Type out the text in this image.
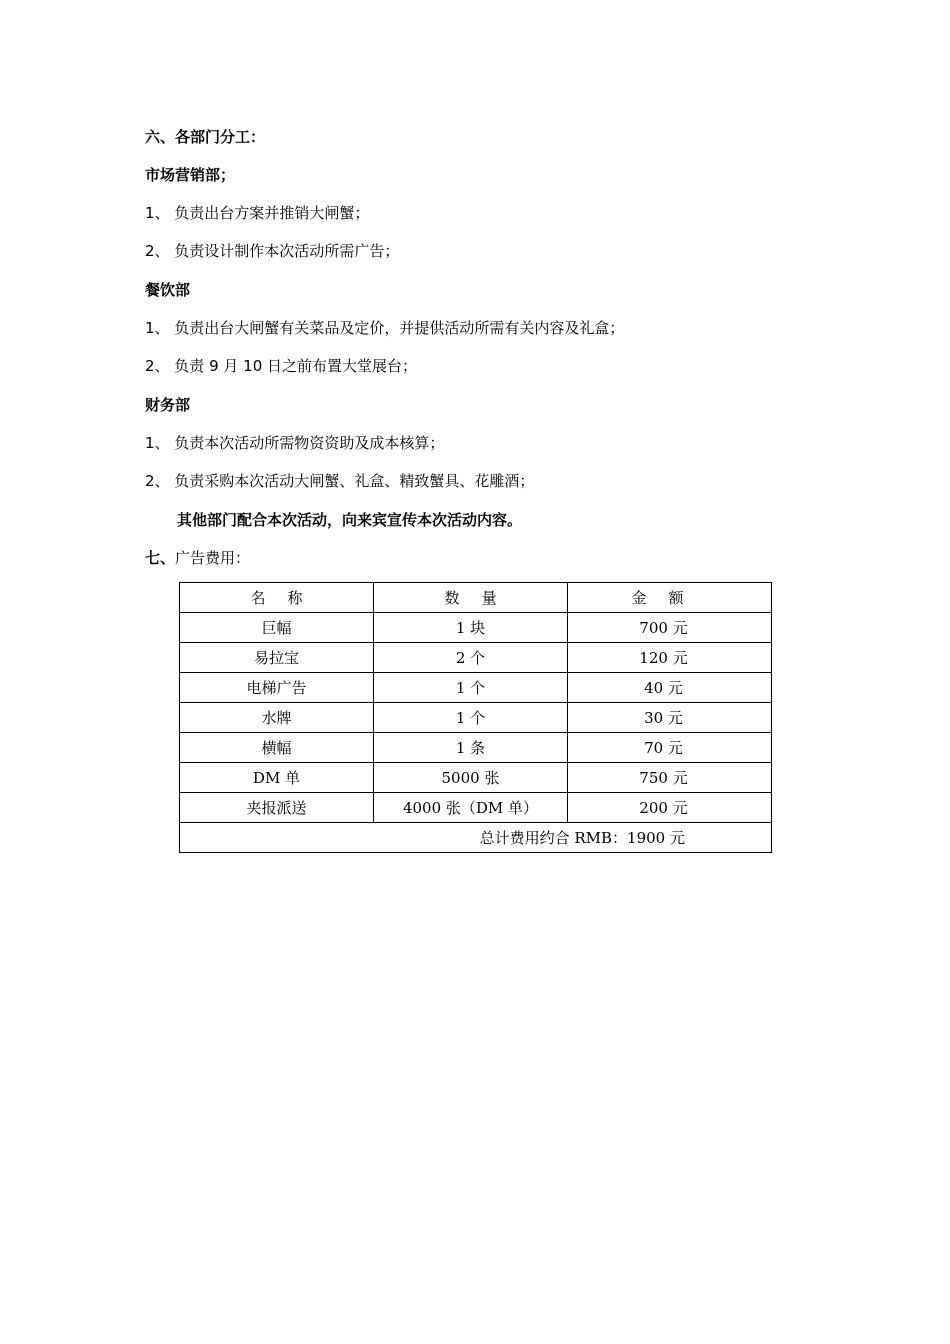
六、各部门分工：
市场营销部；
1、 负责出台方案并推销大闸蟹；
2、 负责设计制作本次活动所需广告；
餐饮部
1、 负责出台大闸蟹有关菜品及定价，并提供活动所需有关内容及礼盒；
2、 负责 9 月 10 日之前布置大堂展台；
财务部
1、 负责本次活动所需物资资助及成本核算；
2、 负责采购本次活动大闸蟹、礼盒、精致蟹具、花雕酒；
其他部门配合本次活动，向来宾宣传本次活动内容。
七、广告费用：
名 称	数 量	金 额
巨幅	1 块	700 元
易拉宝	2 个	120 元
电梯广告	1 个	40 元
水牌	1 个	30 元
横幅	1 条	70 元
DM 单	5000 张	750 元
夹报派送	4000 张（DM 单）	200 元
总计费用约合 RMB：1900 元		
